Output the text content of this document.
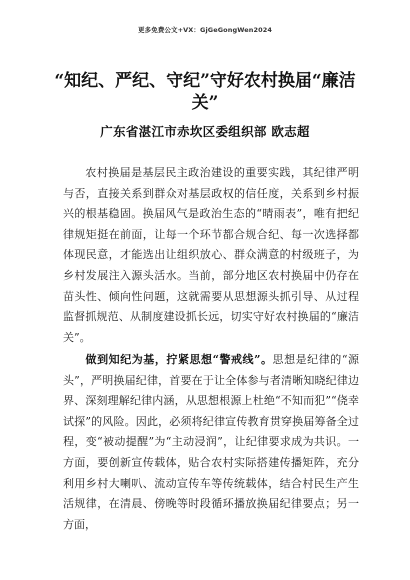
更多免费公文+VX：GjGeGongWen2024
“知纪、严纪、守纪”守好农村换届“廉洁关”
广东省湛江市赤坎区委组织部 欧志超
农村换届是基层民主政治建设的重要实践，其纪律严明与否，直接关系到群众对基层政权的信任度，关系到乡村振兴的根基稳固。换届风气是政治生态的“晴雨表”，唯有把纪律规矩挺在前面，让每一个环节都合规合纪、每一次选择都体现民意，才能选出让组织放心、群众满意的村级班子，为乡村发展注入源头活水。当前，部分地区农村换届中仍存在苗头性、倾向性问题，这就需要从思想源头抓引导、从过程监督抓规范、从制度建设抓长远，切实守好农村换届的“廉洁关”。
做到知纪为基，拧紧思想“警戒线”。思想是纪律的“源头”，严明换届纪律，首要在于让全体参与者清晰知晓纪律边界、深刻理解纪律内涵，从思想根源上杜绝“不知而犯”“侥幸试探”的风险。因此，必须将纪律宣传教育贯穿换届筹备全过程，变“被动提醒”为“主动浸润”，让纪律要求成为共识。一方面，要创新宣传载体，贴合农村实际搭建传播矩阵，充分利用乡村大喇叭、流动宣传车等传统载体，结合村民生产生活规律，在清晨、傍晚等时段循环播放换届纪律要点；另一方面，
